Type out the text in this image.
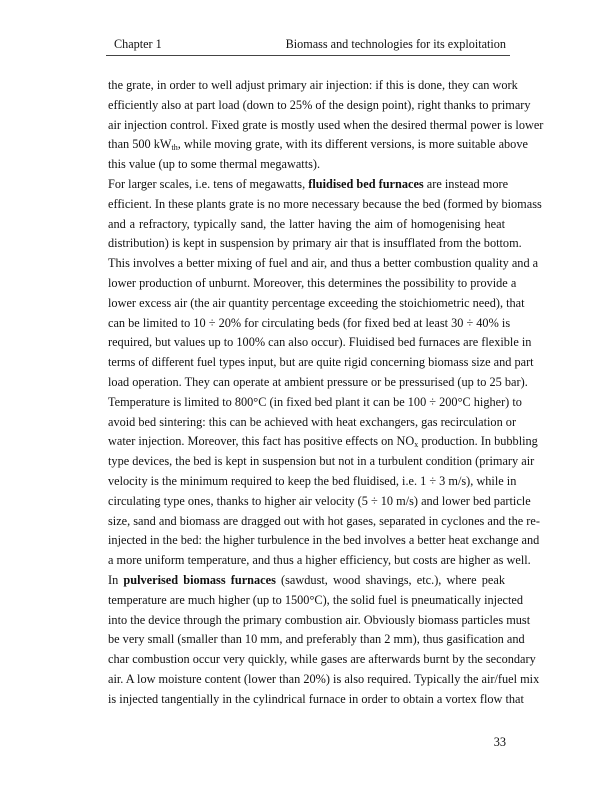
Chapter 1	Biomass and technologies for its exploitation
the grate, in order to well adjust primary air injection: if this is done, they can work
efficiently also at part load (down to 25% of the design point), right thanks to primary
air injection control. Fixed grate is mostly used when the desired thermal power is lower
than 500 $kW_{th}$, while moving grate, with its different versions, is more suitable above
this value (up to some thermal megawatts).
For larger scales, i.e. tens of megawatts, fluidised bed furnaces are instead more
efficient. In these plants grate is no more necessary because the bed (formed by biomass
and a refractory, typically sand, the latter having the aim of homogenising heat
distribution) is kept in suspension by primary air that is insufflated from the bottom.
This involves a better mixing of fuel and air, and thus a better combustion quality and a
lower production of unburnt. Moreover, this determines the possibility to provide a
lower excess air (the air quantity percentage exceeding the stoichiometric need), that
can be limited to 10 ÷ 20% for circulating beds (for fixed bed at least 30 ÷ 40% is
required, but values up to 100% can also occur). Fluidised bed furnaces are flexible in
terms of different fuel types input, but are quite rigid concerning biomass size and part
load operation. They can operate at ambient pressure or be pressurised (up to 25 bar).
Temperature is limited to 800°C (in fixed bed plant it can be 100 ÷ 200°C higher) to
avoid bed sintering: this can be achieved with heat exchangers, gas recirculation or
water injection. Moreover, this fact has positive effects on $NO_x$ production. In bubbling
type devices, the bed is kept in suspension but not in a turbulent condition (primary air
velocity is the minimum required to keep the bed fluidised, i.e. 1 ÷ 3 m/s), while in
circulating type ones, thanks to higher air velocity (5 ÷ 10 m/s) and lower bed particle
size, sand and biomass are dragged out with hot gases, separated in cyclones and the re-
injected in the bed: the higher turbulence in the bed involves a better heat exchange and
a more uniform temperature, and thus a higher efficiency, but costs are higher as well.
In pulverised biomass furnaces (sawdust, wood shavings, etc.), where peak
temperature are much higher (up to 1500°C), the solid fuel is pneumatically injected
into the device through the primary combustion air. Obviously biomass particles must
be very small (smaller than 10 mm, and preferably than 2 mm), thus gasification and
char combustion occur very quickly, while gases are afterwards burnt by the secondary
air. A low moisture content (lower than 20%) is also required. Typically the air/fuel mix
is injected tangentially in the cylindrical furnace in order to obtain a vortex flow that
33
